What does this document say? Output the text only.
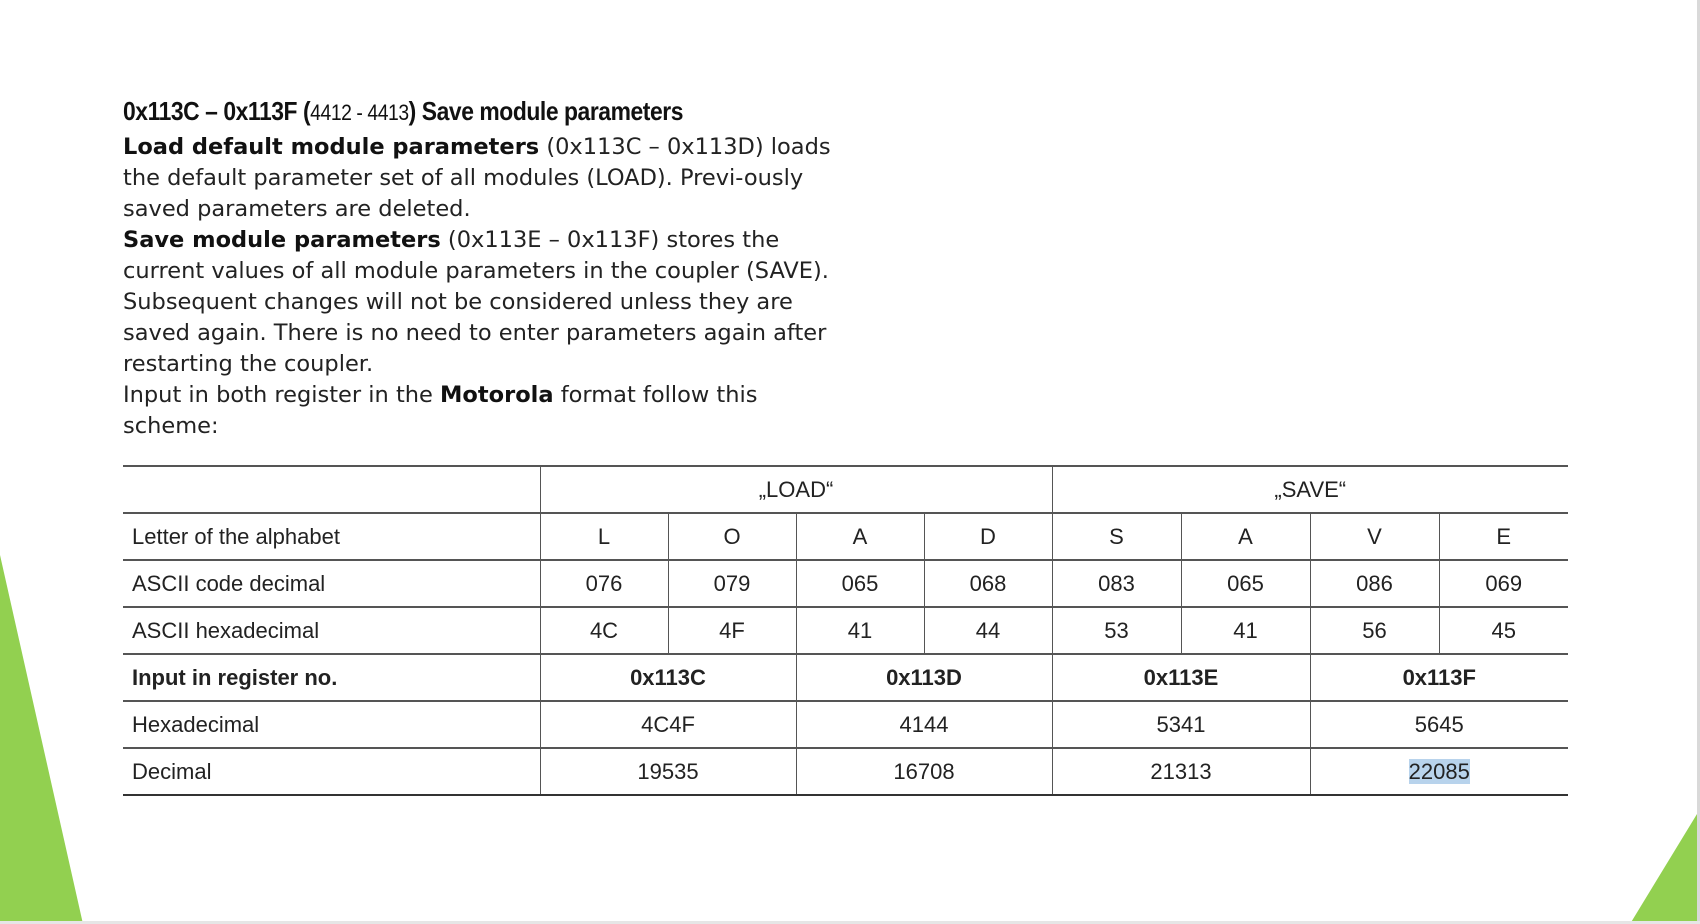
0x113C – 0x113F (4412 - 4413) Save module parameters

Load default module parameters (0x113C – 0x113D) loads the default parameter set of all modules (LOAD). Previ-ously saved parameters are deleted.
Save module parameters (0x113E – 0x113F) stores the current values of all module parameters in the coupler (SAVE). Subsequent changes will not be considered unless they are saved again. There is no need to enter parameters again after restarting the coupler.
Input in both register in the Motorola format follow this scheme:

	„LOAD“				„SAVE“			
Letter of the alphabet	L	O	A	D	S	A	V	E
ASCII code decimal	076	079	065	068	083	065	086	069
ASCII hexadecimal	4C	4F	41	44	53	41	56	45
Input in register no.	0x113C		0x113D		0x113E		0x113F	
Hexadecimal	4C4F		4144		5341		5645	
Decimal	19535		16708		21313		22085	
